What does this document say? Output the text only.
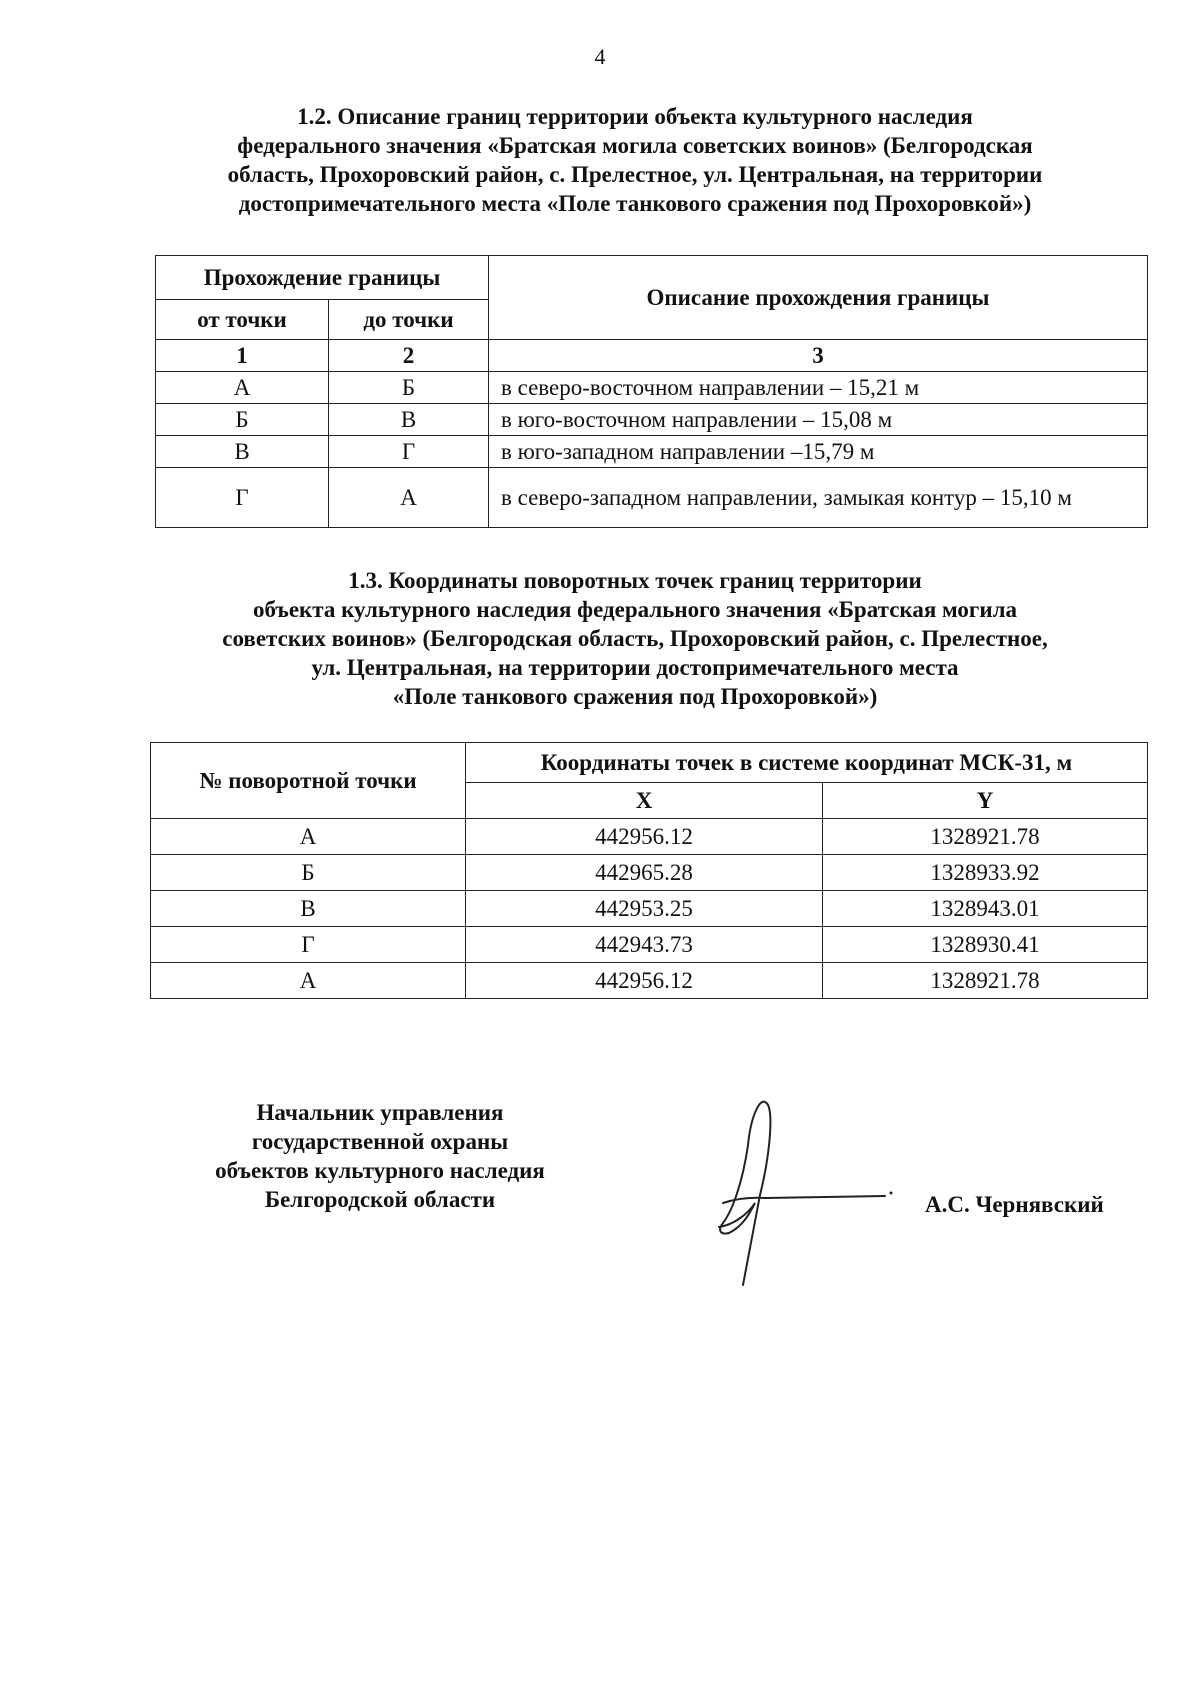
4
1.2. Описание границ территории объекта культурного наследия
федерального значения «Братская могила советских воинов» (Белгородская
область, Прохоровский район, с. Прелестное, ул. Центральная, на территории
достопримечательного места «Поле танкового сражения под Прохоровкой»)
Прохождение границы		Описание прохождения границы
от точки	до точки	
1	2	3
А	Б	в северо-восточном направлении – 15,21 м
Б	В	в юго-восточном направлении – 15,08 м
В	Г	в юго-западном направлении –15,79 м
Г	А	в северо-западном направлении, замыкая контур – 15,10 м
1.3. Координаты поворотных точек границ территории
объекта культурного наследия федерального значения «Братская могила
советских воинов» (Белгородская область, Прохоровский район, с. Прелестное,
ул. Центральная, на территории достопримечательного места
«Поле танкового сражения под Прохоровкой»)
№ поворотной точки	Координаты точек в системе координат МСК-31, м	
	X	Y
А	442956.12	1328921.78
Б	442965.28	1328933.92
В	442953.25	1328943.01
Г	442943.73	1328930.41
А	442956.12	1328921.78
Начальник управления
государственной охраны
объектов культурного наследия
Белгородской области	А.С. Чернявский
